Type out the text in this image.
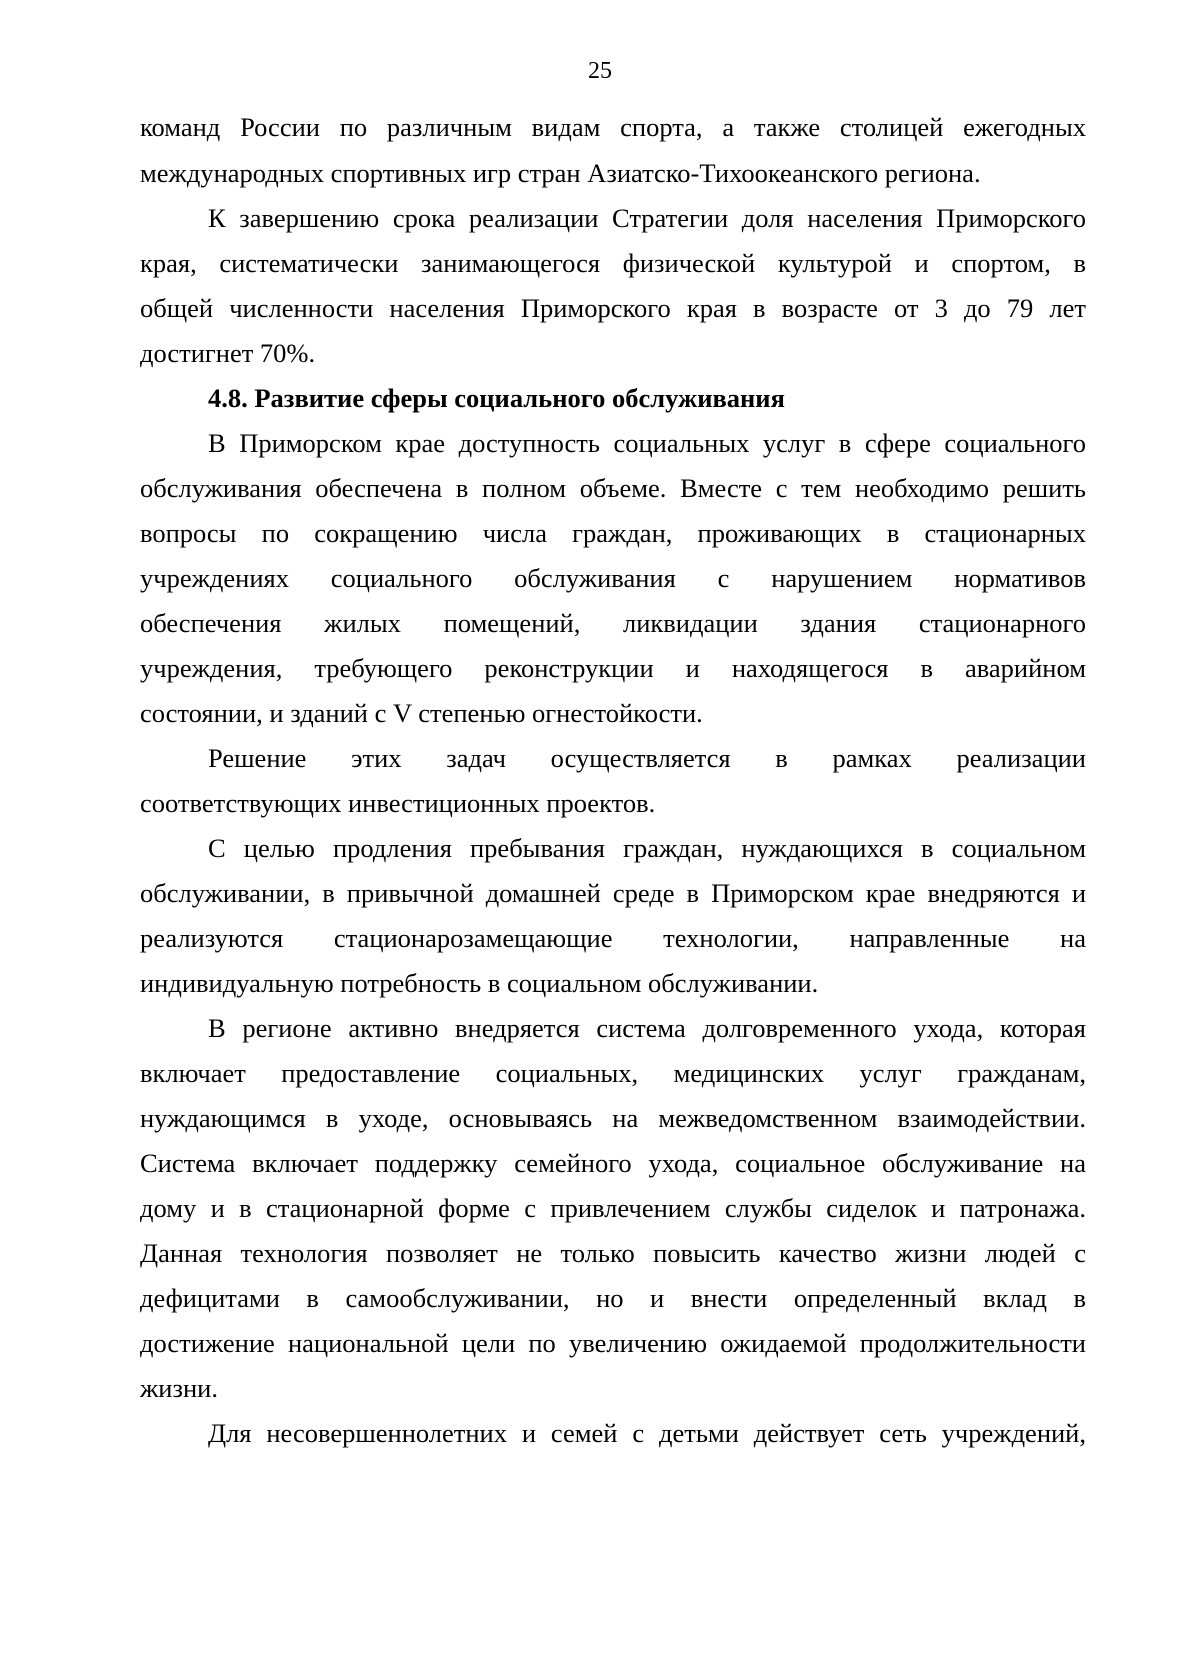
25

команд России по различным видам спорта, а также столицей ежегодных

международных спортивных игр стран Азиатско-Тихоокеанского региона.

К завершению срока реализации Стратегии доля населения Приморского

края, систематически занимающегося физической культурой и спортом, в

общей численности населения Приморского края в возрасте от 3 до 79 лет

достигнет 70%.

4.8. Развитие сферы социального обслуживания

В Приморском крае доступность социальных услуг в сфере социального

обслуживания обеспечена в полном объеме. Вместе с тем необходимо решить

вопросы по сокращению числа граждан, проживающих в стационарных

учреждениях социального обслуживания с нарушением нормативов

обеспечения жилых помещений, ликвидации здания стационарного

учреждения, требующего реконструкции и находящегося в аварийном

состоянии, и зданий с V степенью огнестойкости.

Решение этих задач осуществляется в рамках реализации

соответствующих инвестиционных проектов.

С целью продления пребывания граждан, нуждающихся в социальном

обслуживании, в привычной домашней среде в Приморском крае внедряются и

реализуются стационарозамещающие технологии, направленные на

индивидуальную потребность в социальном обслуживании.

В регионе активно внедряется система долговременного ухода, которая

включает предоставление социальных, медицинских услуг гражданам,

нуждающимся в уходе, основываясь на межведомственном взаимодействии.

Система включает поддержку семейного ухода, социальное обслуживание на

дому и в стационарной форме с привлечением службы сиделок и патронажа.

Данная технология позволяет не только повысить качество жизни людей с

дефицитами в самообслуживании, но и внести определенный вклад в

достижение национальной цели по увеличению ожидаемой продолжительности

жизни.

Для несовершеннолетних и семей с детьми действует сеть учреждений,
